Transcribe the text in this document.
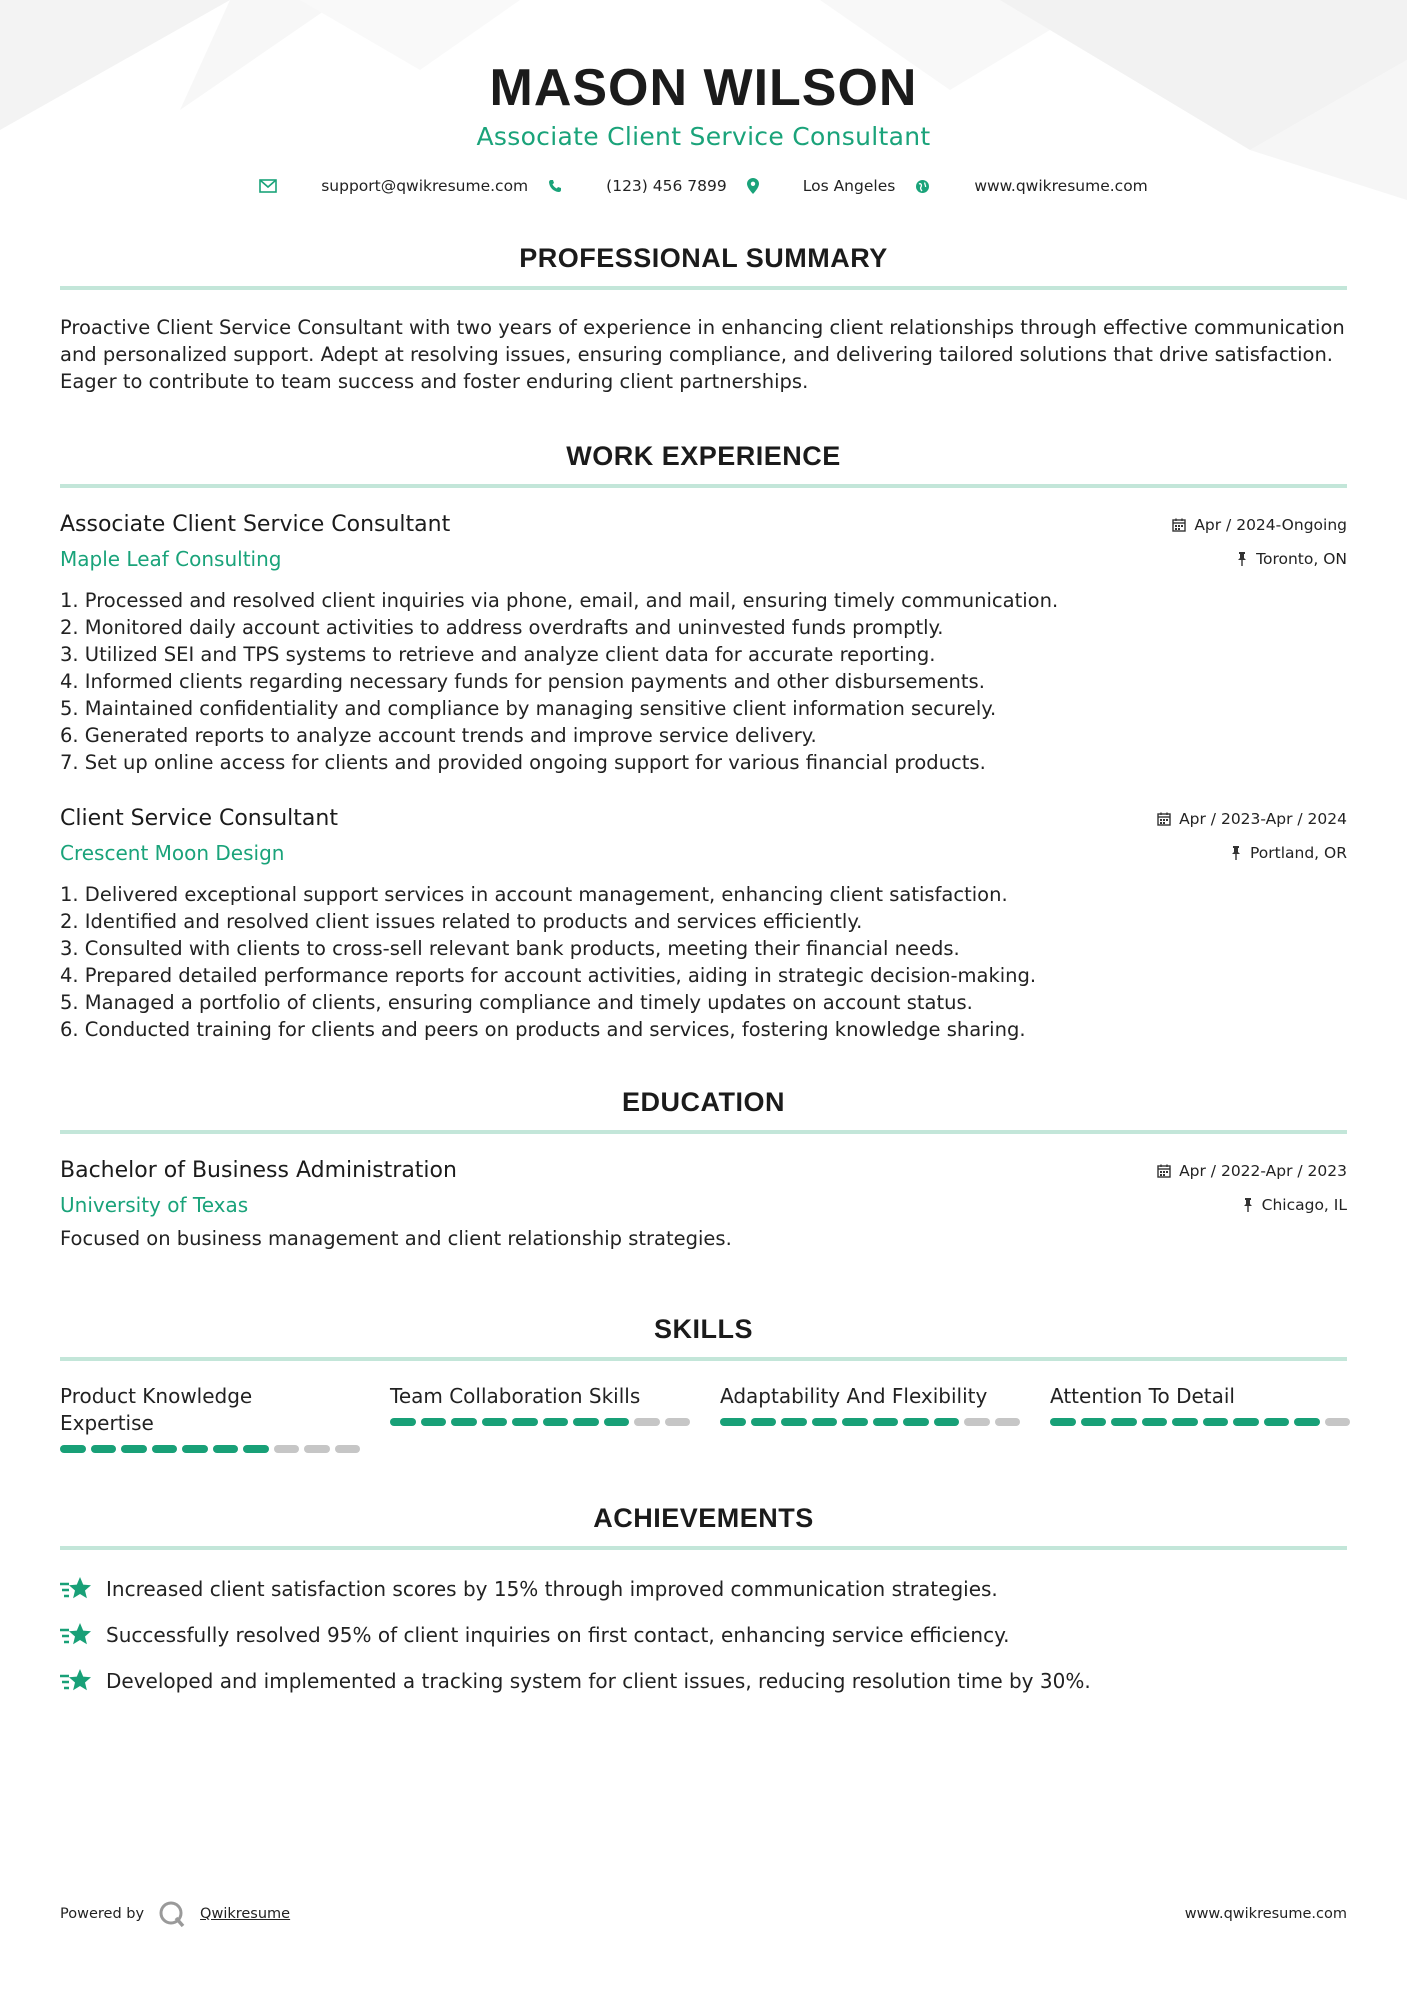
MASON WILSON
Associate Client Service Consultant
support@qwikresume.com	(123) 456 7899	Los Angeles	www.qwikresume.com
PROFESSIONAL SUMMARY

Proactive Client Service Consultant with two years of experience in enhancing client relationships through effective communication and personalized support. Adept at resolving issues, ensuring compliance, and delivering tailored solutions that drive satisfaction. Eager to contribute to team success and foster enduring client partnerships.

WORK EXPERIENCE
Associate Client Service Consultant	Apr / 2024-Ongoing
Maple Leaf Consulting	Toronto, ON
1. Processed and resolved client inquiries via phone, email, and mail, ensuring timely communication.
2. Monitored daily account activities to address overdrafts and uninvested funds promptly.
3. Utilized SEI and TPS systems to retrieve and analyze client data for accurate reporting.
4. Informed clients regarding necessary funds for pension payments and other disbursements.
5. Maintained confidentiality and compliance by managing sensitive client information securely.
6. Generated reports to analyze account trends and improve service delivery.
7. Set up online access for clients and provided ongoing support for various financial products.
Client Service Consultant	Apr / 2023-Apr / 2024
Crescent Moon Design	Portland, OR
1. Delivered exceptional support services in account management, enhancing client satisfaction.
2. Identified and resolved client issues related to products and services efficiently.
3. Consulted with clients to cross-sell relevant bank products, meeting their financial needs.
4. Prepared detailed performance reports for account activities, aiding in strategic decision-making.
5. Managed a portfolio of clients, ensuring compliance and timely updates on account status.
6. Conducted training for clients and peers on products and services, fostering knowledge sharing.
EDUCATION
Bachelor of Business Administration	Apr / 2022-Apr / 2023
University of Texas	Chicago, IL

Focused on business management and client relationship strategies.

SKILLS
Product Knowledge Expertise
Team Collaboration Skills	Adaptability And Flexibility	Attention To Detail
ACHIEVEMENTS
Increased client satisfaction scores by 15% through improved communication strategies.
Successfully resolved 95% of client inquiries on first contact, enhancing service efficiency.
Developed and implemented a tracking system for client issues, reducing resolution time by 30%.
Powered by	Qwikresume	www.qwikresume.com
